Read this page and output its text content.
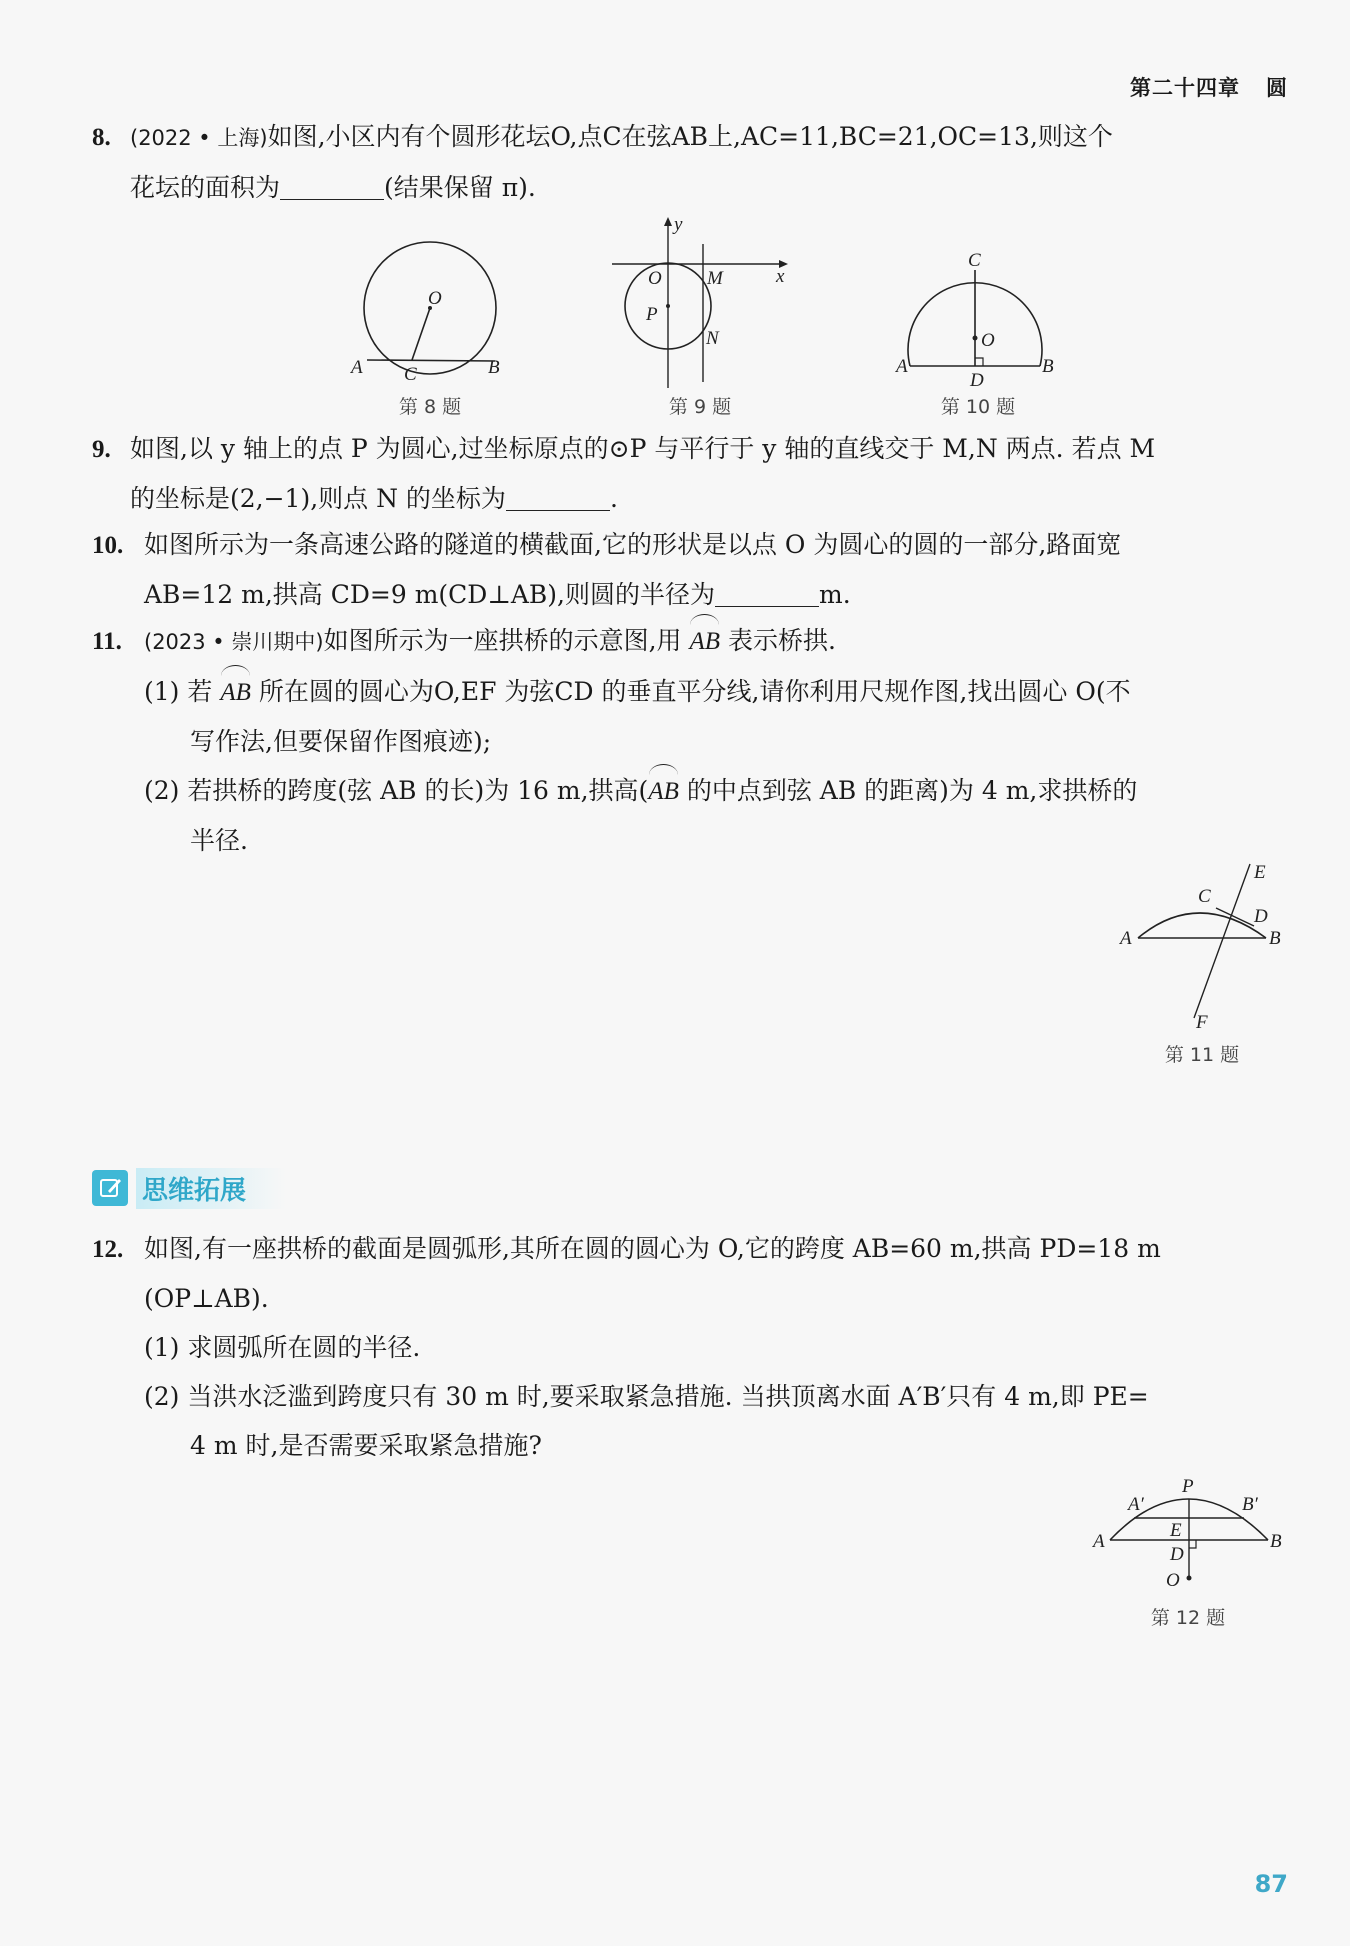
第二十四章 圆
8. (2022 • 上海)如图,小区内有个圆形花坛O,点C在弦AB上,AC=11,BC=21,OC=13,则这个
花坛的面积为	(结果保留 π).
O
A C	B
第 8 题
y
x
O M
P
N
第 9 题
C
O
A
D
B
第 10 题
9. 如图,以 y 轴上的点 P 为圆心,过坐标原点的⊙P 与平行于 y 轴的直线交于 M,N 两点. 若点 M
的坐标是(2,−1),则点 N 的坐标为	.
10. 如图所示为一条高速公路的隧道的横截面,它的形状是以点 O 为圆心的圆的一部分,路面宽
AB=12 m,拱高 CD=9 m(CD⊥AB),则圆的半径为	m.
11. (2023 • 崇川期中)如图所示为一座拱桥的示意图,用 AB 表示桥拱.
(1) 若 AB 所在圆的圆心为O,EF 为弦CD 的垂直平分线,请你利用尺规作图,找出圆心 O(不
写作法,但要保留作图痕迹);
(2) 若拱桥的跨度(弦 AB 的长)为 16 m,拱高(AB 的中点到弦 AB 的距离)为 4 m,求拱桥的
半径.
E
C
D
A	B
F
第 11 题
思维拓展
12. 如图,有一座拱桥的截面是圆弧形,其所在圆的圆心为 O,它的跨度 AB=60 m,拱高 PD=18 m
(OP⊥AB).
(1) 求圆弧所在圆的半径.
(2) 当洪水泛滥到跨度只有 30 m 时,要采取紧急措施. 当拱顶离水面 A′B′只有 4 m,即 PE=
4 m 时,是否需要采取紧急措施?
P
A′	B′
E
A	B
D
O
第 12 题
87
